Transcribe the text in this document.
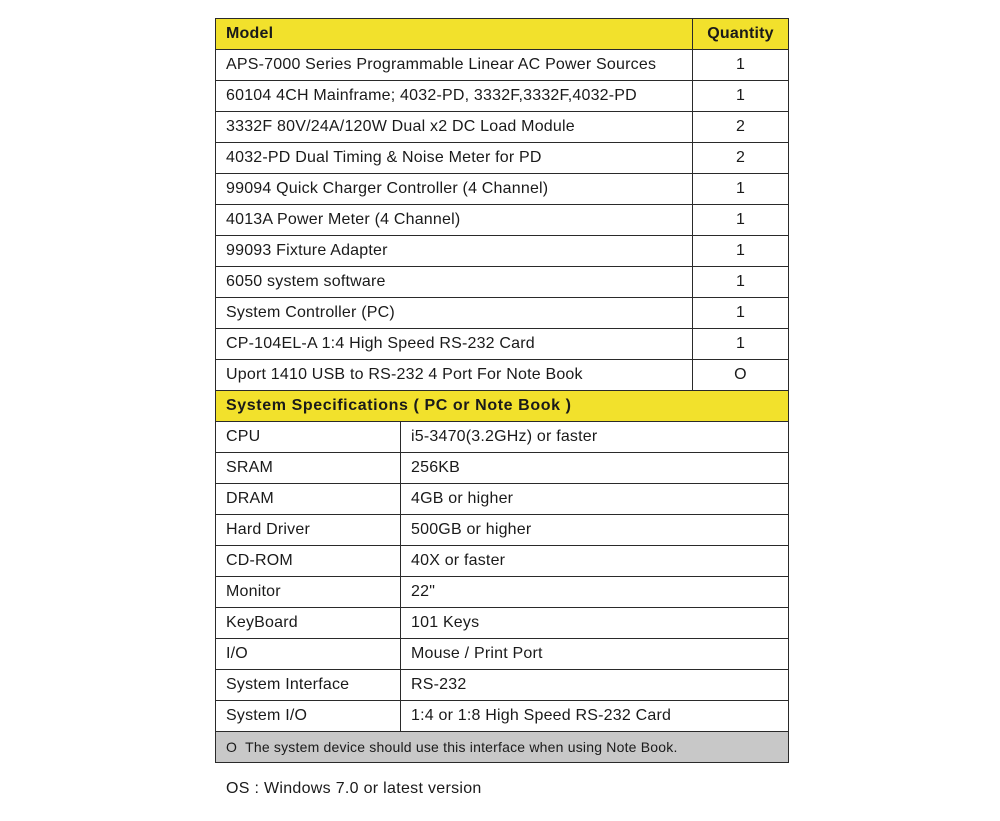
Model		Quantity
APS-7000 Series Programmable Linear AC Power Sources		1
60104 4CH Mainframe; 4032-PD, 3332F,3332F,4032-PD		1
3332F 80V/24A/120W Dual x2 DC Load Module		2
4032-PD Dual Timing & Noise Meter for PD		2
99094 Quick Charger Controller (4 Channel)		1
4013A Power Meter (4 Channel)		1
99093 Fixture Adapter		1
6050 system software		1
System Controller (PC)		1
CP-104EL-A 1:4 High Speed RS-232 Card		1
Uport 1410 USB to RS-232 4 Port For Note Book		O
System Specifications ( PC or Note Book )		
CPU	i5-3470(3.2GHz) or faster	
SRAM	256KB	
DRAM	4GB or higher	
Hard Driver	500GB or higher	
CD-ROM	40X or faster	
Monitor	22"	
KeyBoard	101 Keys	
I/O	Mouse / Print Port	
System Interface	RS-232	
System I/O	1:4 or 1:8 High Speed RS-232 Card	
O The system device should use this interface when using Note Book.		
OS : Windows 7.0 or latest version
